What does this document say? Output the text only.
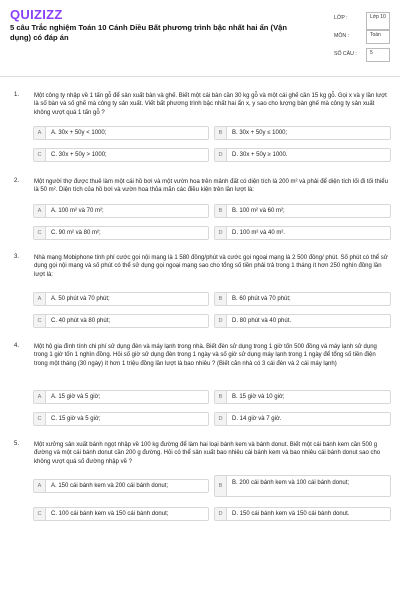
QUIZIZZ
5 câu Trắc nghiệm Toán 10 Cánh Diều Bất phương trình bậc nhất hai ẩn (Vận dụng) có đáp án
LỚP :	Lớp 10
MÔN :	Toán
SỐ CÂU :	5
1. Một công ty nhập về 1 tấn gỗ để sản xuất bàn và ghế. Biết một cái bàn cần 30 kg gỗ và một cái ghế cần 15 kg gỗ. Gọi x và y lần lượt là số bàn và số ghế mà công ty sản xuất. Viết bất phương trình bậc nhất hai ẩn x, y sao cho lượng bàn ghế mà công ty sản xuất không vượt quá 1 tấn gỗ ?
A	A. 30x + 50y < 1000;	B	B. 30x + 50y ≤ 1000;
C	C. 30x + 50y > 1000;	D	D. 30x + 50y ≥ 1000.
2. Một người thợ được thuê làm một cái hồ bơi và một vườn hoa trên mảnh đất có diện tích là 200 m² và phải để diện tích lối đi tối thiểu là 50 m². Diện tích của hồ bơi và vườn hoa thỏa mãn các điều kiện trên lần lượt là:
A	A. 100 m² và 70 m²;	B	B. 100 m² và 60 m²;
C	C. 90 m² và 80 m²;	D	D. 100 m² và 40 m².
3. Nhà mạng Mobiphone tính phí cước gọi nội mạng là 1 580 đồng/phút và cước gọi ngoại mạng là 2 500 đồng/ phút. Số phút có thể sử dụng gọi nội mạng và số phút có thể sử dụng gọi ngoại mạng sao cho tổng số tiền phải trả trong 1 tháng ít hơn 250 nghìn đồng lần lượt là:
A	A. 50 phút và 70 phút;	B	B. 60 phút và 70 phút;
C	C. 40 phút và 80 phút;	D	D. 80 phút và 40 phút.
4. Một hộ gia đình tính chi phí sử dụng đèn và máy lạnh trong nhà. Biết đèn sử dụng trong 1 giờ tốn 500 đồng và máy lạnh sử dụng trong 1 giờ tốn 1 nghìn đồng. Hỏi số giờ sử dụng đèn trong 1 ngày và số giờ sử dụng máy lạnh trong 1 ngày để tổng số tiền điện trong một tháng (30 ngày) ít hơn 1 triệu đồng lần lượt là bao nhiêu ? (Biết căn nhà có 3 cái đèn và 2 cái máy lạnh)
A	A. 15 giờ và 5 giờ;	B	B. 15 giờ và 10 giờ;
C	C. 15 giờ và 5 giờ;	D	D. 14 giờ và 7 giờ.
5. Một xưởng sản xuất bánh ngọt nhập về 100 kg đường để làm hai loại bánh kem và bánh donut. Biết một cái bánh kem cần 500 g đường và một cái bánh donut cần 200 g đường. Hỏi có thể sản xuất bao nhiêu cái bánh kem và bao nhiêu cái bánh donut sao cho không vượt quá số đường nhập về ?
A	A. 150 cái bánh kem và 200 cái bánh donut;	B	B. 200 cái bánh kem và 100 cái bánh donut;
C	C. 100 cái bánh kem và 150 cái bánh donut;	D	D. 150 cái bánh kem và 150 cái bánh donut.
